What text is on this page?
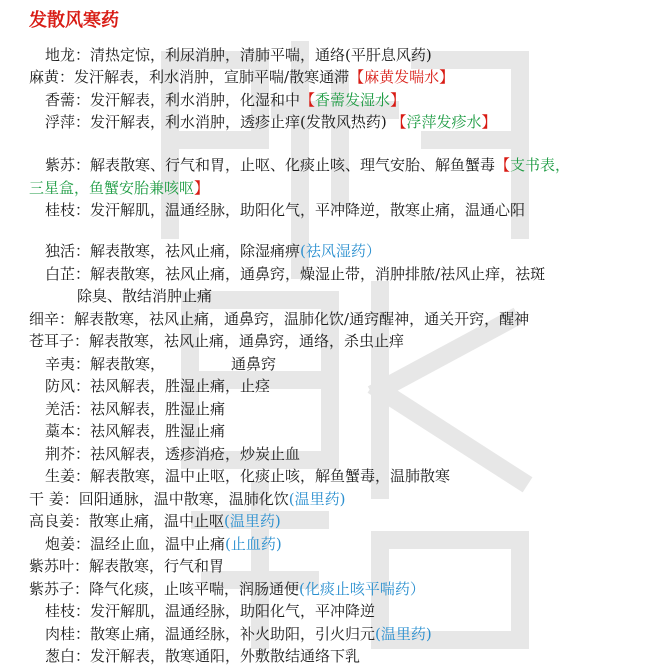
发散风寒药
地龙：清热定惊，利尿消肿，清肺平喘，通络(平肝息风药)
麻黄：发汗解表，利水消肿，宣肺平喘/散寒通滞【麻黄发喘水】
香薷：发汗解表，利水消肿，化湿和中【香薷发湿水】
浮萍：发汗解表，利水消肿，透疹止痒(发散风热药) 【浮萍发疹水】
紫苏：解表散寒、行气和胃，止呕、化痰止咳、理气安胎、解鱼蟹毒【支书表，
三星盒，鱼蟹安胎兼咳呕】
桂枝：发汗解肌，温通经脉，助阳化气，平冲降逆，散寒止痛，温通心阳
独活：解表散寒，祛风止痛，除湿痛痹(祛风湿药）
白芷：解表散寒，祛风止痛，通鼻窍，燥湿止带，消肿排脓/祛风止痒，祛斑
除臭、散结消肿止痛
细辛：解表散寒，祛风止痛，通鼻窍，温肺化饮/通窍醒神，通关开窍，醒神
苍耳子：解表散寒，祛风止痛，通鼻窍，通络，杀虫止痒
辛夷：解表散寒，	通鼻窍
防风：祛风解表，胜湿止痛，止痉
羌活：祛风解表，胜湿止痛
藁本：祛风解表，胜湿止痛
荆芥：祛风解表，透疹消疮，炒炭止血
生姜：解表散寒，温中止呕，化痰止咳，解鱼蟹毒，温肺散寒
干 姜：回阳通脉，温中散寒，温肺化饮(温里药)
高良姜：散寒止痛，温中止呕(温里药)
炮姜：温经止血，温中止痛(止血药)
紫苏叶：解表散寒，行气和胃
紫苏子：降气化痰，止咳平喘，润肠通便(化痰止咳平喘药）
桂枝：发汗解肌，温通经脉，助阳化气，平冲降逆
肉桂：散寒止痛，温通经脉，补火助阳，引火归元(温里药)
葱白：发汗解表，散寒通阳，外敷散结通络下乳
